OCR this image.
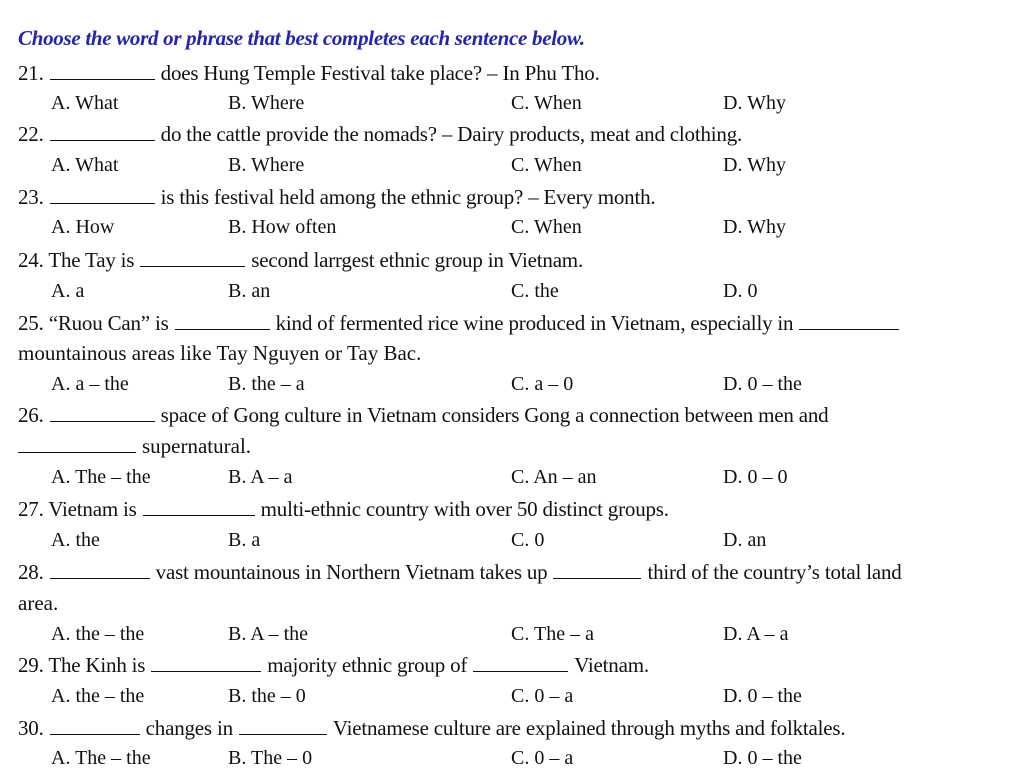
Choose the word or phrase that best completes each sentence below.
21.	does Hung Temple Festival take place? – In Phu Tho.
A. What	B. Where	C. When	D. Why
22.	do the cattle provide the nomads? – Dairy products, meat and clothing.
A. What	B. Where	C. When	D. Why
23.	is this festival held among the ethnic group? – Every month.
A. How	B. How often	C. When	D. Why
24. The Tay is	second larrgest ethnic group in Vietnam.
A. a	B. an	C. the	D. 0
25. “Ruou Can” is	kind of fermented rice wine produced in Vietnam, especially in
mountainous areas like Tay Nguyen or Tay Bac.
A. a – the	B. the – a	C. a – 0	D. 0 – the
26.	space of Gong culture in Vietnam considers Gong a connection between men and
supernatural.
A. The – the	B. A – a	C. An – an	D. 0 – 0
27. Vietnam is	multi-ethnic country with over 50 distinct groups.
A. the	B. a	C. 0	D. an
28.	vast mountainous in Northern Vietnam takes up	third of the country’s total land
area.
A. the – the	B. A – the	C. The – a	D. A – a
29. The Kinh is	majority ethnic group of	Vietnam.
A. the – the	B. the – 0	C. 0 – a	D. 0 – the
30.	changes in	Vietnamese culture are explained through myths and folktales.
A. The – the	B. The – 0	C. 0 – a	D. 0 – the
